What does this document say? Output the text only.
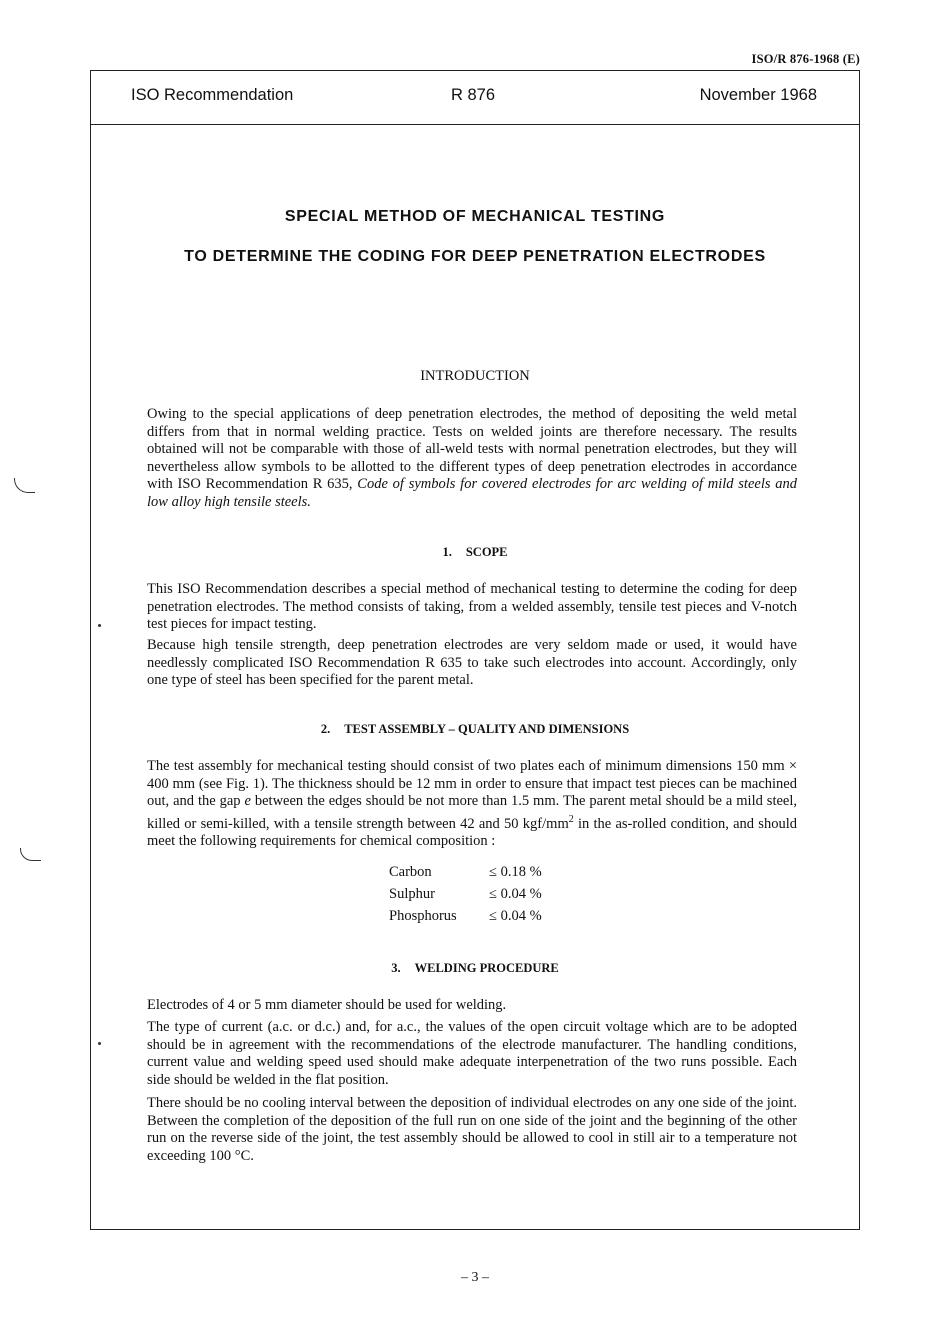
ISO/R 876-1968 (E)
ISO Recommendation	R 876	November 1968
SPECIAL METHOD OF MECHANICAL TESTING
TO DETERMINE THE CODING FOR DEEP PENETRATION ELECTRODES
INTRODUCTION

Owing to the special applications of deep penetration electrodes, the method of depositing the weld metal differs from that in normal welding practice. Tests on welded joints are therefore necessary. The results obtained will not be comparable with those of all-weld tests with normal penetration electrodes, but they will nevertheless allow symbols to be allotted to the different types of deep penetration electrodes in accordance with ISO Recommendation R 635, Code of symbols for covered electrodes for arc welding of mild steels and low alloy high tensile steels.

1. SCOPE

This ISO Recommendation describes a special method of mechanical testing to determine the coding for deep penetration electrodes. The method consists of taking, from a welded assembly, tensile test pieces and V-notch test pieces for impact testing.

Because high tensile strength, deep penetration electrodes are very seldom made or used, it would have needlessly complicated ISO Recommendation R 635 to take such electrodes into account. Accordingly, only one type of steel has been specified for the parent metal.

2. TEST ASSEMBLY – QUALITY AND DIMENSIONS

The test assembly for mechanical testing should consist of two plates each of minimum dimensions 150 mm × 400 mm (see Fig. 1). The thickness should be 12 mm in order to ensure that impact test pieces can be machined out, and the gap e between the edges should be not more than 1.5 mm. The parent metal should be a mild steel, killed or semi-killed, with a tensile strength between 42 and 50 kgf/$mm^2$ in the as-rolled condition, and should meet the following requirements for chemical composition :

Carbon	≤ 0.18 %
Sulphur	≤ 0.04 %
Phosphorus	≤ 0.04 %
3. WELDING PROCEDURE

Electrodes of 4 or 5 mm diameter should be used for welding.

The type of current (a.c. or d.c.) and, for a.c., the values of the open circuit voltage which are to be adopted should be in agreement with the recommendations of the electrode manufacturer. The handling conditions, current value and welding speed used should make adequate interpenetration of the two runs possible. Each side should be welded in the flat position.

There should be no cooling interval between the deposition of individual electrodes on any one side of the joint. Between the completion of the deposition of the full run on one side of the joint and the beginning of the other run on the reverse side of the joint, the test assembly should be allowed to cool in still air to a temperature not exceeding 100 °C.

– 3 –
